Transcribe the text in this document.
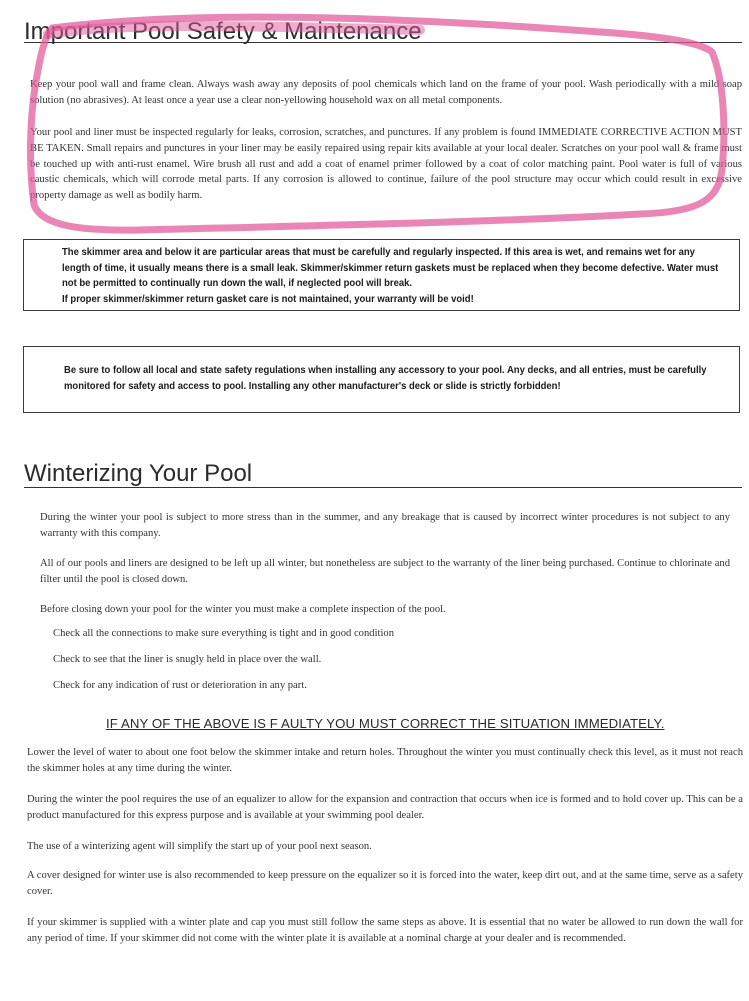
Important Pool Safety & Maintenance

Keep your pool wall and frame clean. Always wash away any deposits of pool chemicals which land on the frame of your pool. Wash periodically with a mild soap solution (no abrasives). At least once a year use a clear non-yellowing household wax on all metal components.

Your pool and liner must be inspected regularly for leaks, corrosion, scratches, and punctures. If any problem is found IMMEDIATE CORRECTIVE ACTION MUST BE TAKEN. Small repairs and punctures in your liner may be easily repaired using repair kits available at your local dealer. Scratches on your pool wall & frame must be touched up with anti-rust enamel. Wire brush all rust and add a coat of enamel primer followed by a coat of color matching paint. Pool water is full of various caustic chemicals, which will corrode metal parts. If any corrosion is allowed to continue, failure of the pool structure may occur which could result in excessive property damage as well as bodily harm.

The skimmer area and below it are particular areas that must be carefully and regularly inspected. If this area is wet, and remains wet for any length of time, it usually means there is a small leak. Skimmer/skimmer return gaskets must be replaced when they become defective. Water must not be permitted to continually run down the wall, if neglected pool will break.

If proper skimmer/skimmer return gasket care is not maintained, your warranty will be void!

Be sure to follow all local and state safety regulations when installing any accessory to your pool. Any decks, and all entries, must be carefully monitored for safety and access to pool. Installing any other manufacturer's deck or slide is strictly forbidden!

Winterizing Your Pool

During the winter your pool is subject to more stress than in the summer, and any breakage that is caused by incorrect winter procedures is not subject to any warranty with this company.

All of our pools and liners are designed to be left up all winter, but nonetheless are subject to the warranty of the liner being purchased. Continue to chlorinate and filter until the pool is closed down.

Before closing down your pool for the winter you must make a complete inspection of the pool.

Check all the connections to make sure everything is tight and in good condition

Check to see that the liner is snugly held in place over the wall.

Check for any indication of rust or deterioration in any part.

IF ANY OF THE ABOVE IS F AULTY YOU MUST CORRECT THE SITUATION IMMEDIATELY.

Lower the level of water to about one foot below the skimmer intake and return holes. Throughout the winter you must continually check this level, as it must not reach the skimmer holes at any time during the winter.

During the winter the pool requires the use of an equalizer to allow for the expansion and contraction that occurs when ice is formed and to hold cover up. This can be a product manufactured for this express purpose and is available at your swimming pool dealer.

The use of a winterizing agent will simplify the start up of your pool next season.

A cover designed for winter use is also recommended to keep pressure on the equalizer so it is forced into the water, keep dirt out, and at the same time, serve as a safety cover.

If your skimmer is supplied with a winter plate and cap you must still follow the same steps as above. It is essential that no water be allowed to run down the wall for any period of time. If your skimmer did not come with the winter plate it is available at a nominal charge at your dealer and is recommended.
